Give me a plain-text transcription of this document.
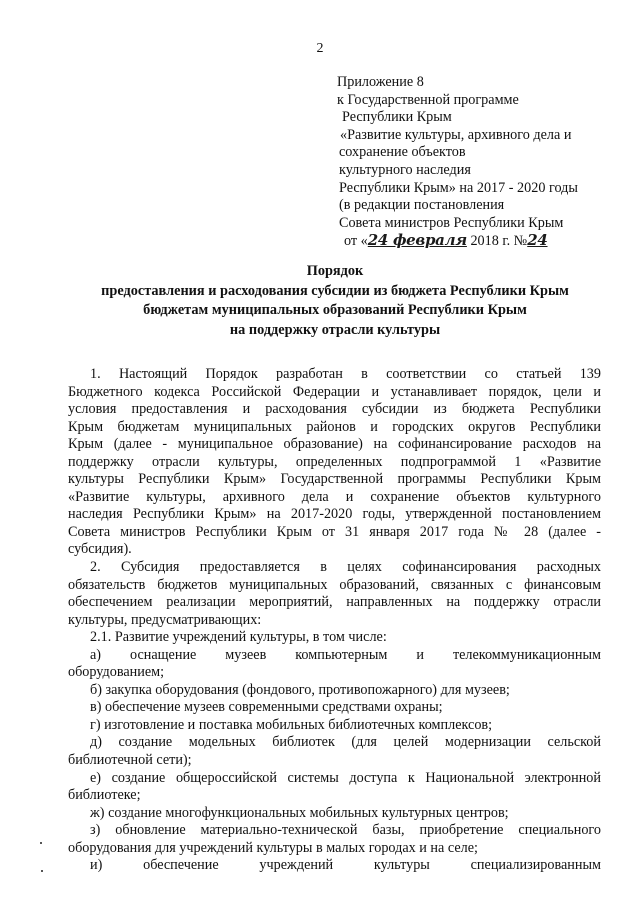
2
Приложение 8
к Государственной программе
Республики Крым
«Развитие культуры, архивного дела и
сохранение объектов
культурного наследия
Республики Крым» на 2017 - 2020 годы
(в редакции постановления
Совета министров Республики Крым
от «24 февраля 2018 г. №24
Порядок
предоставления и расходования субсидии из бюджета Республики Крым
бюджетам муниципальных образований Республики Крым
на поддержку отрасли культуры
1. Настоящий Порядок разработан в соответствии со статьей 139
Бюджетного кодекса Российской Федерации и устанавливает порядок, цели и
условия предоставления и расходования субсидии из бюджета Республики
Крым бюджетам муниципальных районов и городских округов Республики
Крым (далее - муниципальное образование) на софинансирование расходов на
поддержку отрасли культуры, определенных подпрограммой 1 «Развитие
культуры Республики Крым» Государственной программы Республики Крым
«Развитие культуры, архивного дела и сохранение объектов культурного
наследия Республики Крым» на 2017-2020 годы, утвержденной постановлением
Совета министров Республики Крым от 31 января 2017 года № 28 (далее -
субсидия).
2. Субсидия предоставляется в целях софинансирования расходных
обязательств бюджетов муниципальных образований, связанных с финансовым
обеспечением реализации мероприятий, направленных на поддержку отрасли
культуры, предусматривающих:
2.1. Развитие учреждений культуры, в том числе:
а) оснащение музеев компьютерным и телекоммуникационным
оборудованием;
б) закупка оборудования (фондового, противопожарного) для музеев;
в) обеспечение музеев современными средствами охраны;
г) изготовление и поставка мобильных библиотечных комплексов;
д) создание модельных библиотек (для целей модернизации сельской
библиотечной сети);
е) создание общероссийской системы доступа к Национальной электронной
библиотеке;
ж) создание многофункциональных мобильных культурных центров;
з) обновление материально-технической базы, приобретение специального
оборудования для учреждений культуры в малых городах и на селе;
и) обеспечение учреждений культуры специализированным
